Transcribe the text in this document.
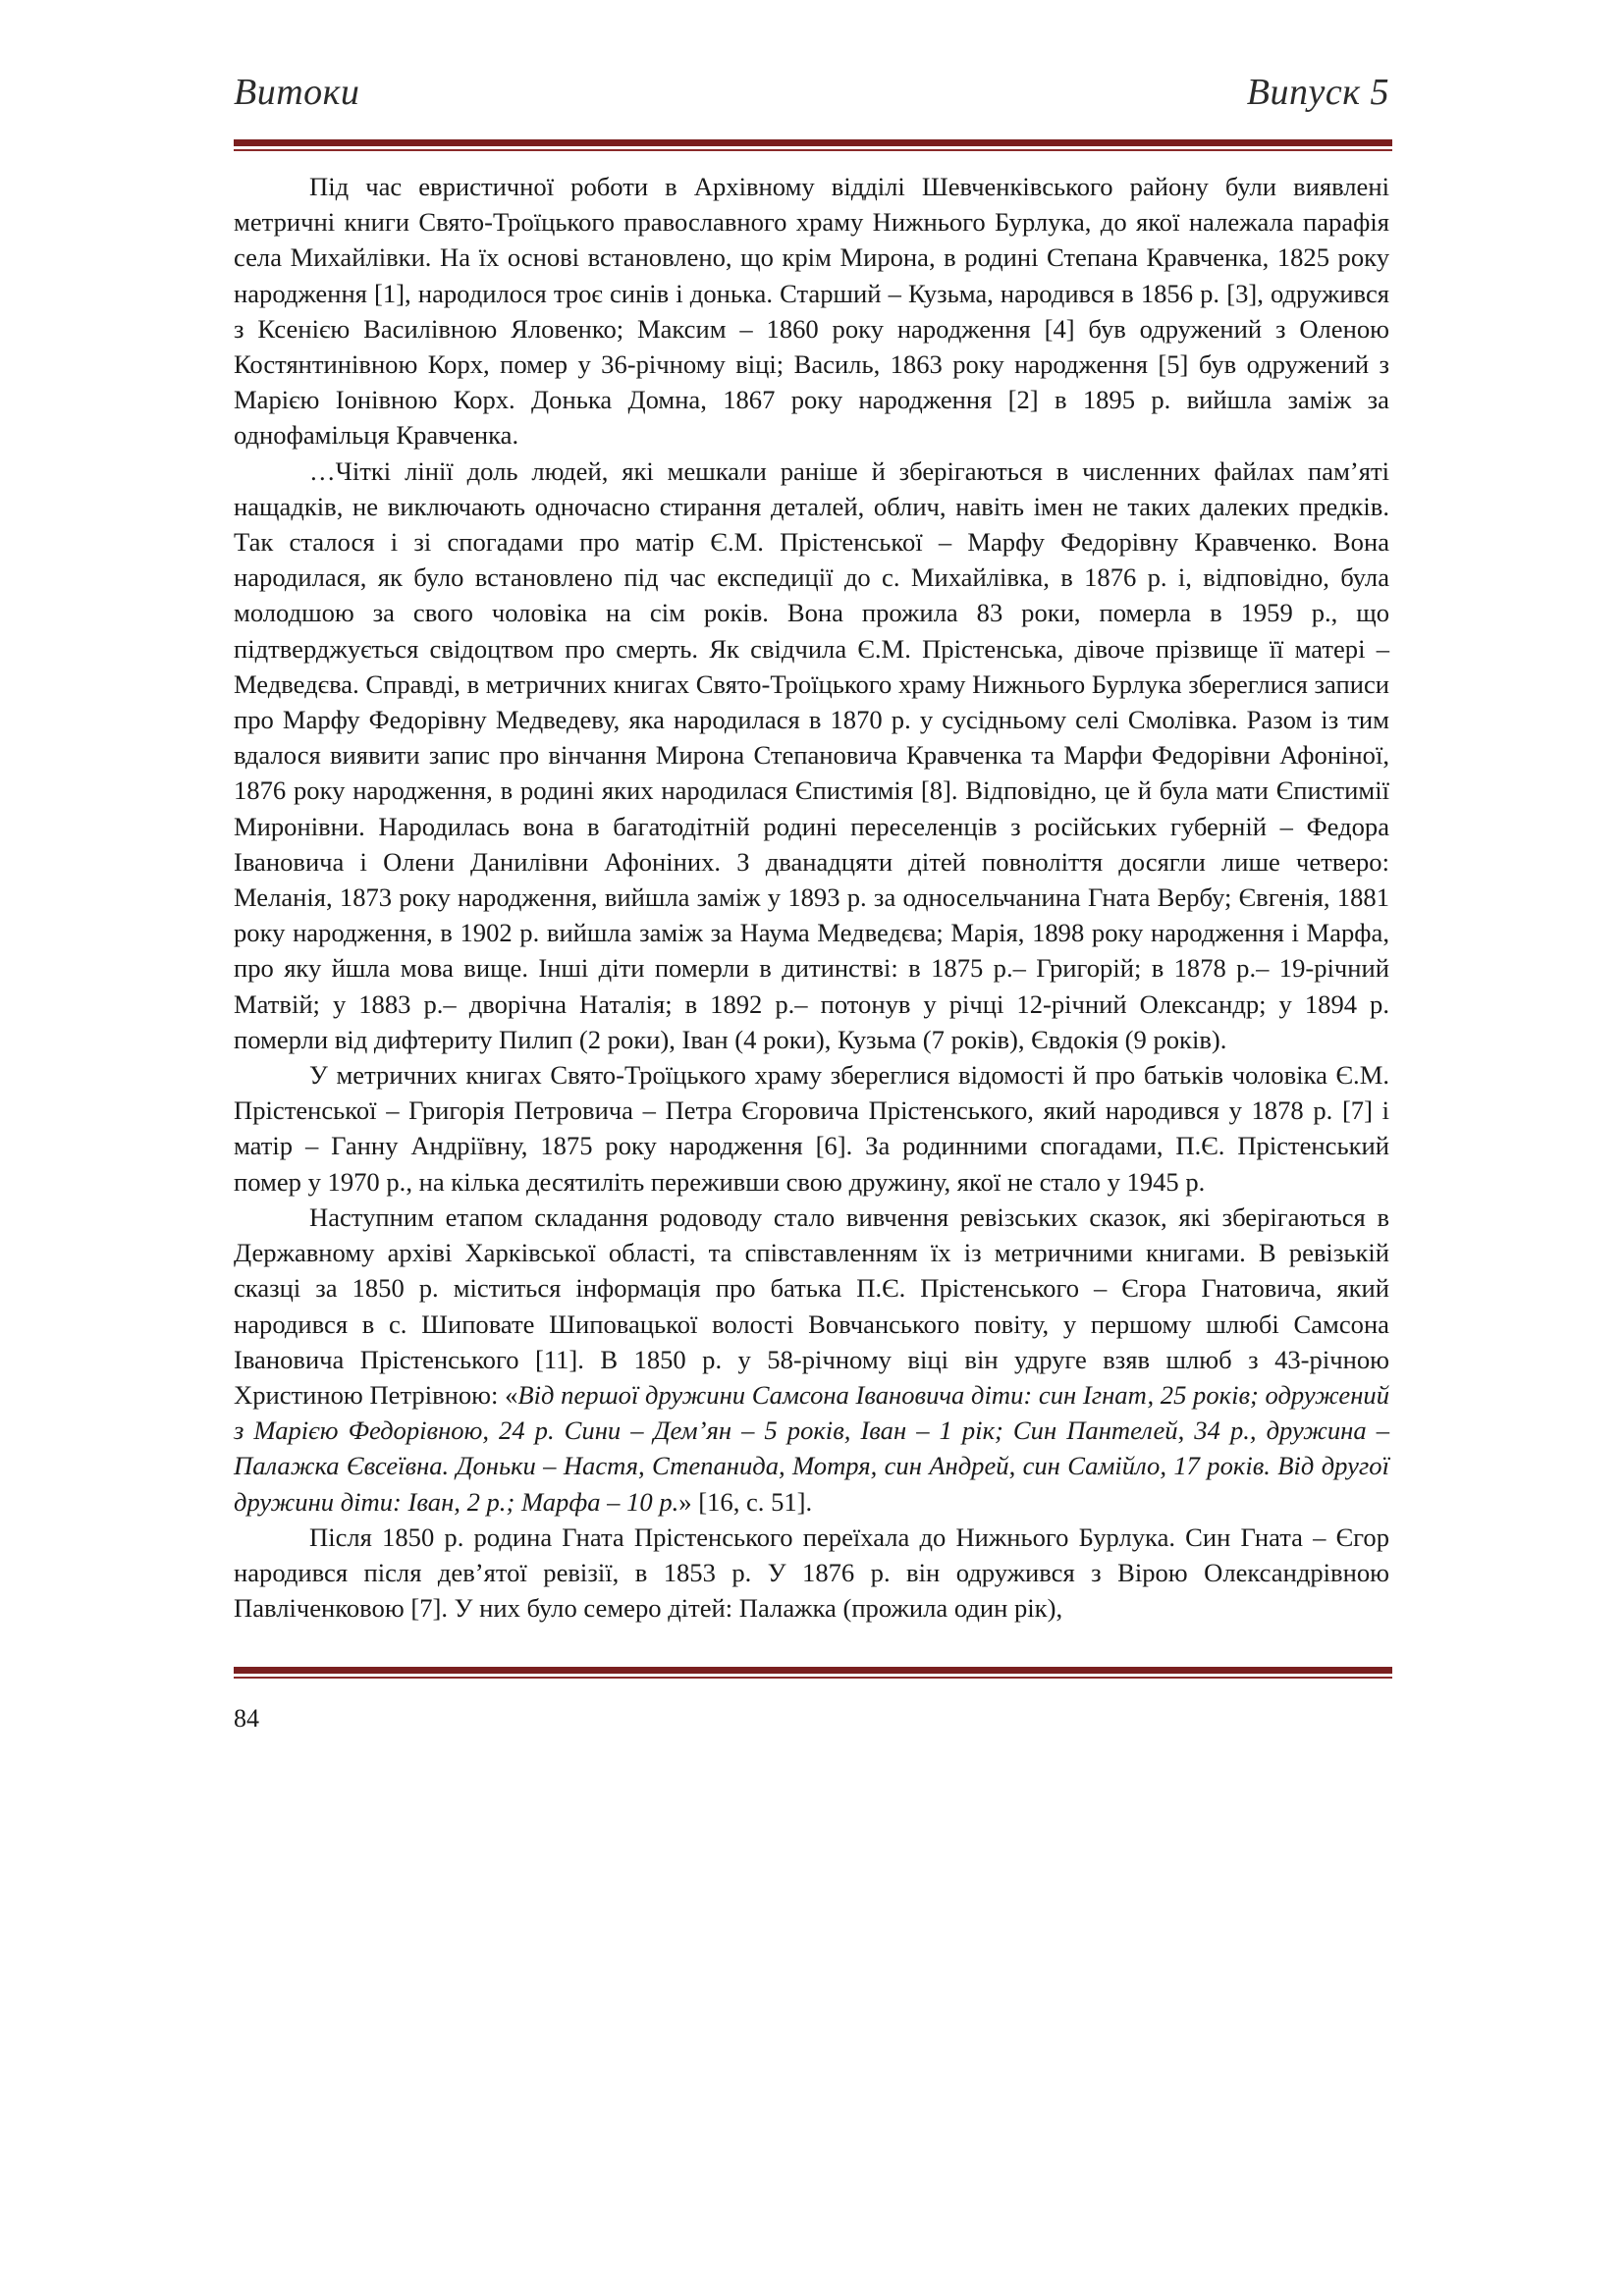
Витоки	Випуск 5

Під час евристичної роботи в Архівному відділі Шевченківського району були виявлені метричні книги Свято-Троїцького православного храму Нижнього Бурлука, до якої належала парафія села Михайлівки. На їх основі встановлено, що крім Мирона, в родині Степана Кравченка, 1825 року народження [1], народилося троє синів і донька. Старший – Кузьма, народився в 1856 р. [3], одружився з Ксенією Василівною Яловенко; Максим – 1860 року народження [4] був одружений з Оленою Костянтинівною Корх, помер у 36-річному віці; Василь, 1863 року народження [5] був одружений з Марією Іонівною Корх. Донька Домна, 1867 року народження [2] в 1895 р. вийшла заміж за однофамільця Кравченка.

…Чіткі лінії доль людей, які мешкали раніше й зберігаються в численних файлах пам’яті нащадків, не виключають одночасно стирання деталей, облич, навіть імен не таких далеких предків. Так сталося і зі спогадами про матір Є.М. Прістенської – Марфу Федорівну Кравченко. Вона народилася, як було встановлено під час експедиції до с. Михайлівка, в 1876 р. і, відповідно, була молодшою за свого чоловіка на сім років. Вона прожила 83 роки, померла в 1959 р., що підтверджується свідоцтвом про смерть. Як свідчила Є.М. Прістенська, дівоче прізвище її матері – Медведєва. Справді, в метричних книгах Свято-Троїцького храму Нижнього Бурлука збереглися записи про Марфу Федорівну Медведеву, яка народилася в 1870 р. у сусідньому селі Смолівка. Разом із тим вдалося виявити запис про вінчання Мирона Степановича Кравченка та Марфи Федорівни Афоніної, 1876 року народження, в родині яких народилася Єпистимія [8]. Відповідно, це й була мати Єпистимії Миронівни. Народилась вона в багатодітній родині переселенців з російських губерній – Федора Івановича і Олени Данилівни Афоніних. З дванадцяти дітей повноліття досягли лише четверо: Меланія, 1873 року народження, вийшла заміж у 1893 р. за односельчанина Гната Вербу; Євгенія, 1881 року народження, в 1902 р. вийшла заміж за Наума Медведєва; Марія, 1898 року народження і Марфа, про яку йшла мова вище. Інші діти померли в дитинстві: в 1875 р.– Григорій; в 1878 р.– 19-річний Матвій; у 1883 р.– дворічна Наталія; в 1892 р.– потонув у річці 12-річний Олександр; у 1894 р. померли від дифтериту Пилип (2 роки), Іван (4 роки), Кузьма (7 років), Євдокія (9 років).

У метричних книгах Свято-Троїцького храму збереглися відомості й про батьків чоловіка Є.М. Прістенської – Григорія Петровича – Петра Єгоровича Прістенського, який народився у 1878 р. [7] і матір – Ганну Андріївну, 1875 року народження [6]. За родинними спогадами, П.Є. Прістенський помер у 1970 р., на кілька десятиліть переживши свою дружину, якої не стало у 1945 р.

Наступним етапом складання родоводу стало вивчення ревізських сказок, які зберігаються в Державному архіві Харківської області, та співставленням їх із метричними книгами. В ревізькій сказці за 1850 р. міститься інформація про батька П.Є. Прістенського – Єгора Гнатовича, який народився в с. Шиповате Шиповацької волості Вовчанського повіту, у першому шлюбі Самсона Івановича Прістенського [11]. В 1850 р. у 58-річному віці він удруге взяв шлюб з 43-річною Христиною Петрівною: «Від першої дружини Самсона Івановича діти: син Ігнат, 25 років; одружений з Марією Федорівною, 24 р. Сини – Дем’ян – 5 років, Іван – 1 рік; Син Пантелей, 34 р., дружина – Палажка Євсеївна. Доньки – Настя, Степанида, Мотря, син Андрей, син Самійло, 17 років. Від другої дружини діти: Іван, 2 р.; Марфа – 10 р.» [16, с. 51].

Після 1850 р. родина Гната Прістенського переїхала до Нижнього Бурлука. Син Гната – Єгор народився після дев’ятої ревізії, в 1853 р. У 1876 р. він одружився з Вірою Олександрівною Павліченковою [7]. У них було семеро дітей: Палажка (прожила один рік),

84
